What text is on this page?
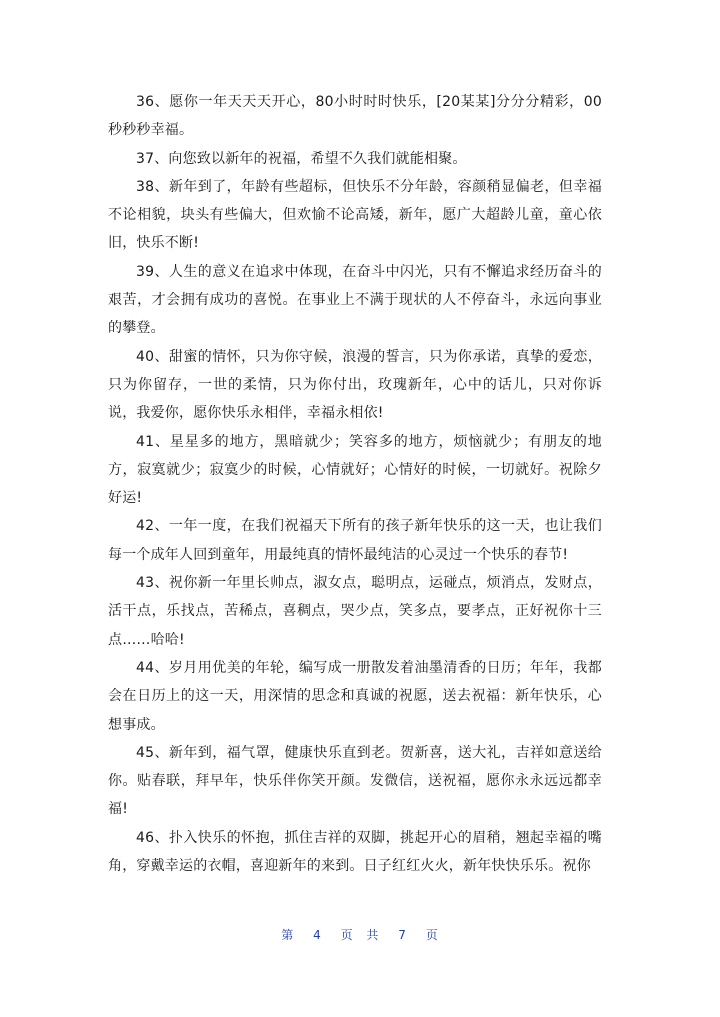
36、愿你一年天天天开心，80小时时时快乐，[20某某]分分分精彩，00秒秒秒幸福。

37、向您致以新年的祝福，希望不久我们就能相聚。

38、新年到了，年龄有些超标，但快乐不分年龄，容颜稍显偏老，但幸福不论相貌，块头有些偏大，但欢愉不论高矮，新年，愿广大超龄儿童，童心依旧，快乐不断!

39、人生的意义在追求中体现，在奋斗中闪光，只有不懈追求经历奋斗的艰苦，才会拥有成功的喜悦。在事业上不满于现状的人不停奋斗，永远向事业的攀登。

40、甜蜜的情怀，只为你守候，浪漫的誓言，只为你承诺，真挚的爱恋，只为你留存，一世的柔情，只为你付出，玫瑰新年，心中的话儿，只对你诉说，我爱你，愿你快乐永相伴，幸福永相依!

41、星星多的地方，黑暗就少；笑容多的地方，烦恼就少；有朋友的地方，寂寞就少；寂寞少的时候，心情就好；心情好的时候，一切就好。祝除夕好运!

42、一年一度，在我们祝福天下所有的孩子新年快乐的这一天，也让我们每一个成年人回到童年，用最纯真的情怀最纯洁的心灵过一个快乐的春节!

43、祝你新一年里长帅点，淑女点，聪明点，运碰点，烦消点，发财点，活干点，乐找点，苦稀点，喜稠点，哭少点，笑多点，要孝点，正好祝你十三点……哈哈!

44、岁月用优美的年轮，编写成一册散发着油墨清香的日历；年年，我都会在日历上的这一天，用深情的思念和真诚的祝愿，送去祝福：新年快乐，心想事成。

45、新年到，福气罩，健康快乐直到老。贺新喜，送大礼，吉祥如意送给你。贴春联，拜早年，快乐伴你笑开颜。发微信，送祝福，愿你永永远远都幸福!

46、扑入快乐的怀抱，抓住吉祥的双脚，挑起开心的眉稍，翘起幸福的嘴角，穿戴幸运的衣帽，喜迎新年的来到。日子红红火火，新年快快乐乐。祝你

第 4 页 共 7 页
